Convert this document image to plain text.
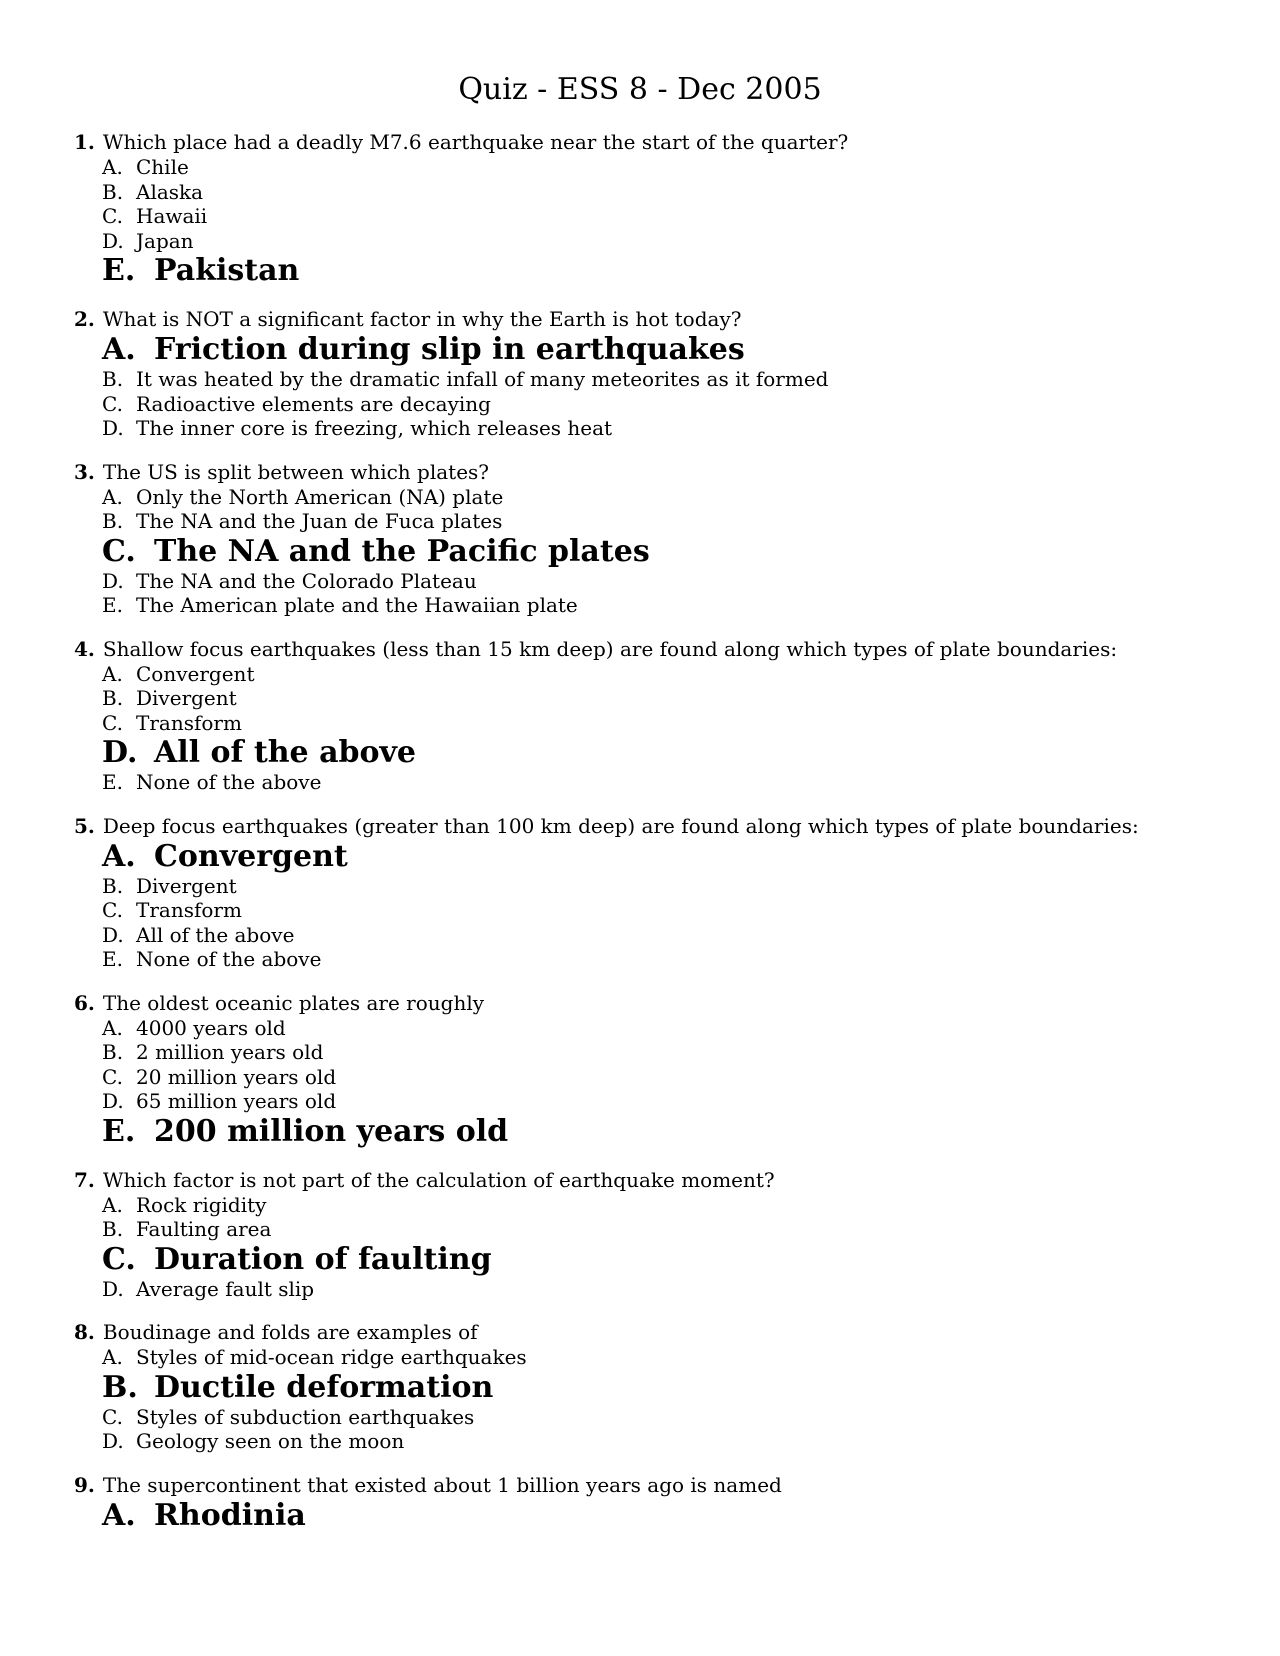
Quiz - ESS 8 - Dec 2005
1. Which place had a deadly M7.6 earthquake near the start of the quarter?
A. Chile
B. Alaska
C. Hawaii
D. Japan
E. Pakistan
2. What is NOT a significant factor in why the Earth is hot today?
A. Friction during slip in earthquakes
B. It was heated by the dramatic infall of many meteorites as it formed
C. Radioactive elements are decaying
D. The inner core is freezing, which releases heat
3. The US is split between which plates?
A. Only the North American (NA) plate
B. The NA and the Juan de Fuca plates
C. The NA and the Pacific plates
D. The NA and the Colorado Plateau
E. The American plate and the Hawaiian plate
4. Shallow focus earthquakes (less than 15 km deep) are found along which types of plate boundaries:
A. Convergent
B. Divergent
C. Transform
D. All of the above
E. None of the above
5. Deep focus earthquakes (greater than 100 km deep) are found along which types of plate boundaries:
A. Convergent
B. Divergent
C. Transform
D. All of the above
E. None of the above
6. The oldest oceanic plates are roughly
A. 4000 years old
B. 2 million years old
C. 20 million years old
D. 65 million years old
E. 200 million years old
7. Which factor is not part of the calculation of earthquake moment?
A. Rock rigidity
B. Faulting area
C. Duration of faulting
D. Average fault slip
8. Boudinage and folds are examples of
A. Styles of mid-ocean ridge earthquakes
B. Ductile deformation
C. Styles of subduction earthquakes
D. Geology seen on the moon
9. The supercontinent that existed about 1 billion years ago is named
A. Rhodinia
